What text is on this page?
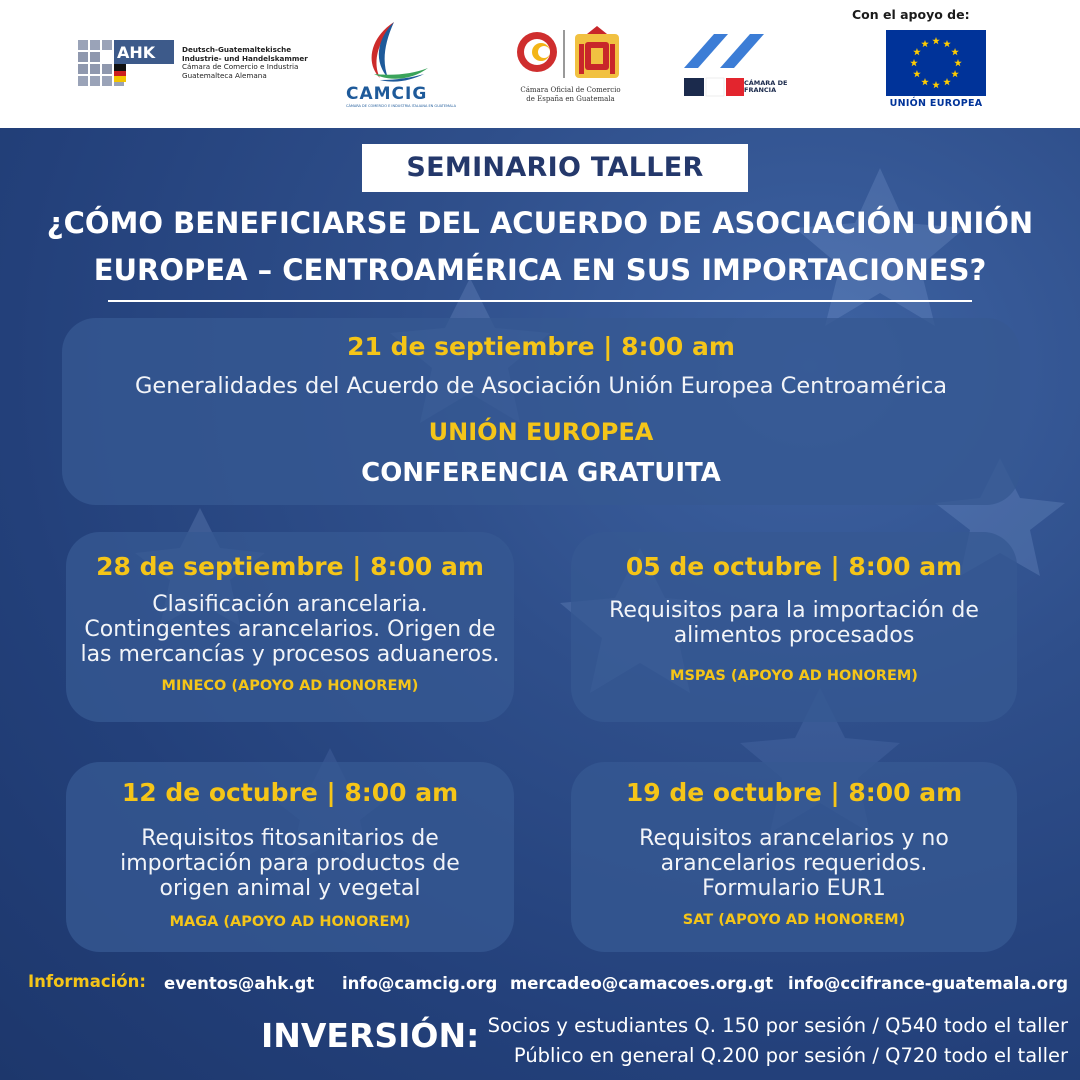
AHK	Deutsch-Guatemaltekische
Industrie- und Handelskammer
Cámara de Comercio e Industria
Guatemalteca Alemana
CAMCIG
CÁMARA DE COMERCIO E INDUSTRIA ITALIANA EN GUATEMALA
Cámara Oficial de Comercio
de España en Guatemala
CÁMARA DE
FRANCIA
Con el apoyo de:
UNIÓN EUROPEA
SEMINARIO TALLER
¿CÓMO BENEFICIARSE DEL ACUERDO DE ASOCIACIÓN UNIÓN
EUROPEA – CENTROAMÉRICA EN SUS IMPORTACIONES?
21 de septiembre | 8:00 am
Generalidades del Acuerdo de Asociación Unión Europea Centroamérica
UNIÓN EUROPEA
CONFERENCIA GRATUITA
28 de septiembre | 8:00 am
Clasificación arancelaria.
Contingentes arancelarios. Origen de
las mercancías y procesos aduaneros.
MINECO (APOYO AD HONOREM)
05 de octubre | 8:00 am
Requisitos para la importación de
alimentos procesados
MSPAS (APOYO AD HONOREM)
12 de octubre | 8:00 am
Requisitos fitosanitarios de
importación para productos de
origen animal y vegetal
MAGA (APOYO AD HONOREM)
19 de octubre | 8:00 am
Requisitos arancelarios y no
arancelarios requeridos.
Formulario EUR1
SAT (APOYO AD HONOREM)
Información: eventos@ahk.gt info@camcig.org mercadeo@camacoes.org.gt info@ccifrance-guatemala.org
INVERSIÓN: Socios y estudiantes Q. 150 por sesión / Q540 todo el taller
Público en general Q.200 por sesión / Q720 todo el taller
